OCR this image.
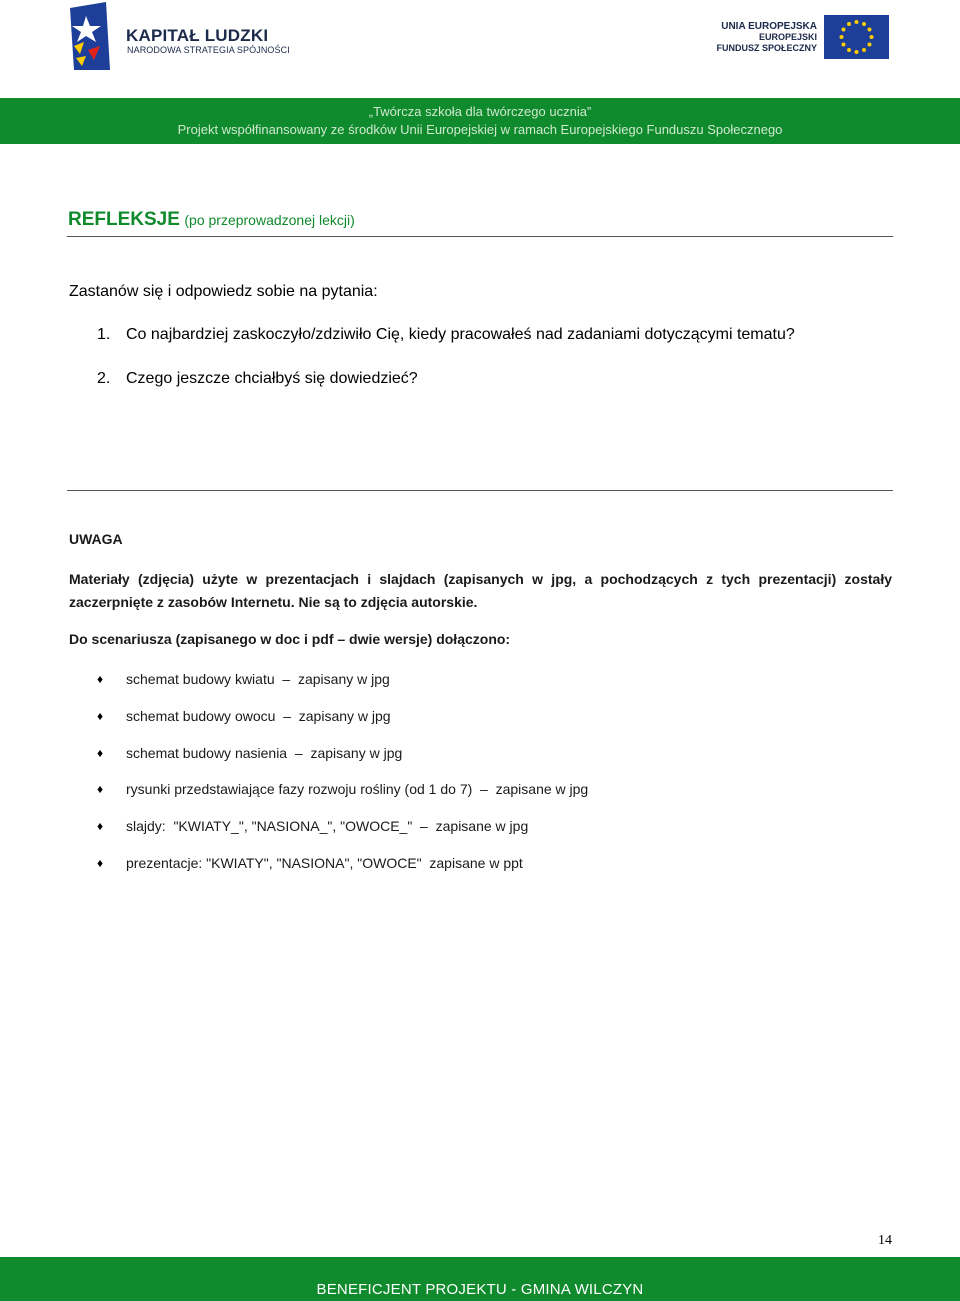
KAPITAŁ LUDZKI
NARODOWA STRATEGIA SPÓJNOŚCI
UNIA EUROPEJSKA
EUROPEJSKI
FUNDUSZ SPOŁECZNY
„Twórcza szkoła dla twórczego ucznia”
Projekt współfinansowany ze środków Unii Europejskiej w ramach Europejskiego Funduszu Społecznego
REFLEKSJE (po przeprowadzonej lekcji)
Zastanów się i odpowiedz sobie na pytania:
1. Co najbardziej zaskoczyło/zdziwiło Cię, kiedy pracowałeś nad zadaniami dotyczącymi tematu?
2. Czego jeszcze chciałbyś się dowiedzieć?
UWAGA
Materiały (zdjęcia) użyte w prezentacjach i slajdach (zapisanych w jpg, a pochodzących z tych prezentacji) zostały zaczerpnięte z zasobów Internetu. Nie są to zdjęcia autorskie.
Do scenariusza (zapisanego w doc i pdf – dwie wersje) dołączono:
♦ schemat budowy kwiatu  –  zapisany w jpg
♦ schemat budowy owocu  –  zapisany w jpg
♦ schemat budowy nasienia  –  zapisany w jpg
♦ rysunki przedstawiające fazy rozwoju rośliny (od 1 do 7)  –  zapisane w jpg
♦ slajdy:  "KWIATY_", "NASIONA_", "OWOCE_"  –  zapisane w jpg
♦ prezentacje: "KWIATY", "NASIONA", "OWOCE"  zapisane w ppt
14
BENEFICJENT PROJEKTU - GMINA WILCZYN
